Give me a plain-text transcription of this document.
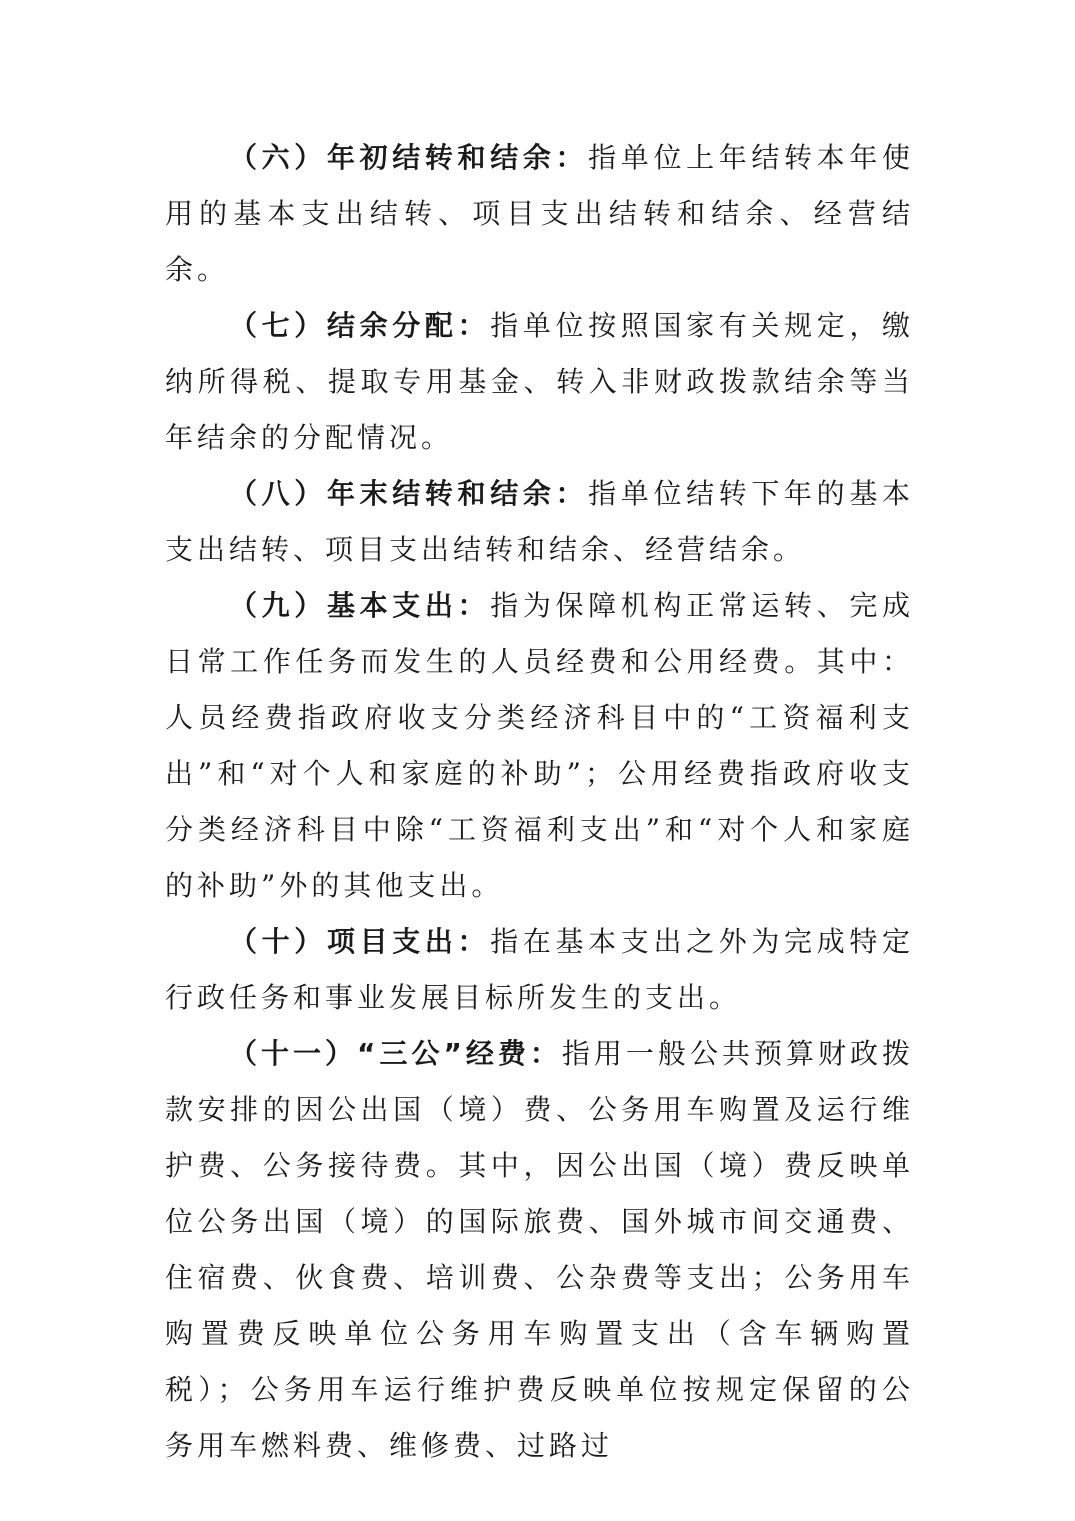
（六）年初结转和结余：指单位上年结转本年使用的基本支出结转、项目支出结转和结余、经营结余。

（七）结余分配：指单位按照国家有关规定，缴纳所得税、提取专用基金、转入非财政拨款结余等当年结余的分配情况。

（八）年末结转和结余：指单位结转下年的基本支出结转、项目支出结转和结余、经营结余。

（九）基本支出：指为保障机构正常运转、完成日常工作任务而发生的人员经费和公用经费。其中：人员经费指政府收支分类经济科目中的“工资福利支出”和“对个人和家庭的补助”；公用经费指政府收支分类经济科目中除“工资福利支出”和“对个人和家庭的补助”外的其他支出。

（十）项目支出：指在基本支出之外为完成特定行政任务和事业发展目标所发生的支出。

（十一）“三公”经费：指用一般公共预算财政拨款安排的因公出国（境）费、公务用车购置及运行维护费、公务接待费。其中，因公出国（境）费反映单位公务出国（境）的国际旅费、国外城市间交通费、住宿费、伙食费、培训费、公杂费等支出；公务用车购置费反映单位公务用车购置支出（含车辆购置税）；公务用车运行维护费反映单位按规定保留的公务用车燃料费、维修费、过路过
